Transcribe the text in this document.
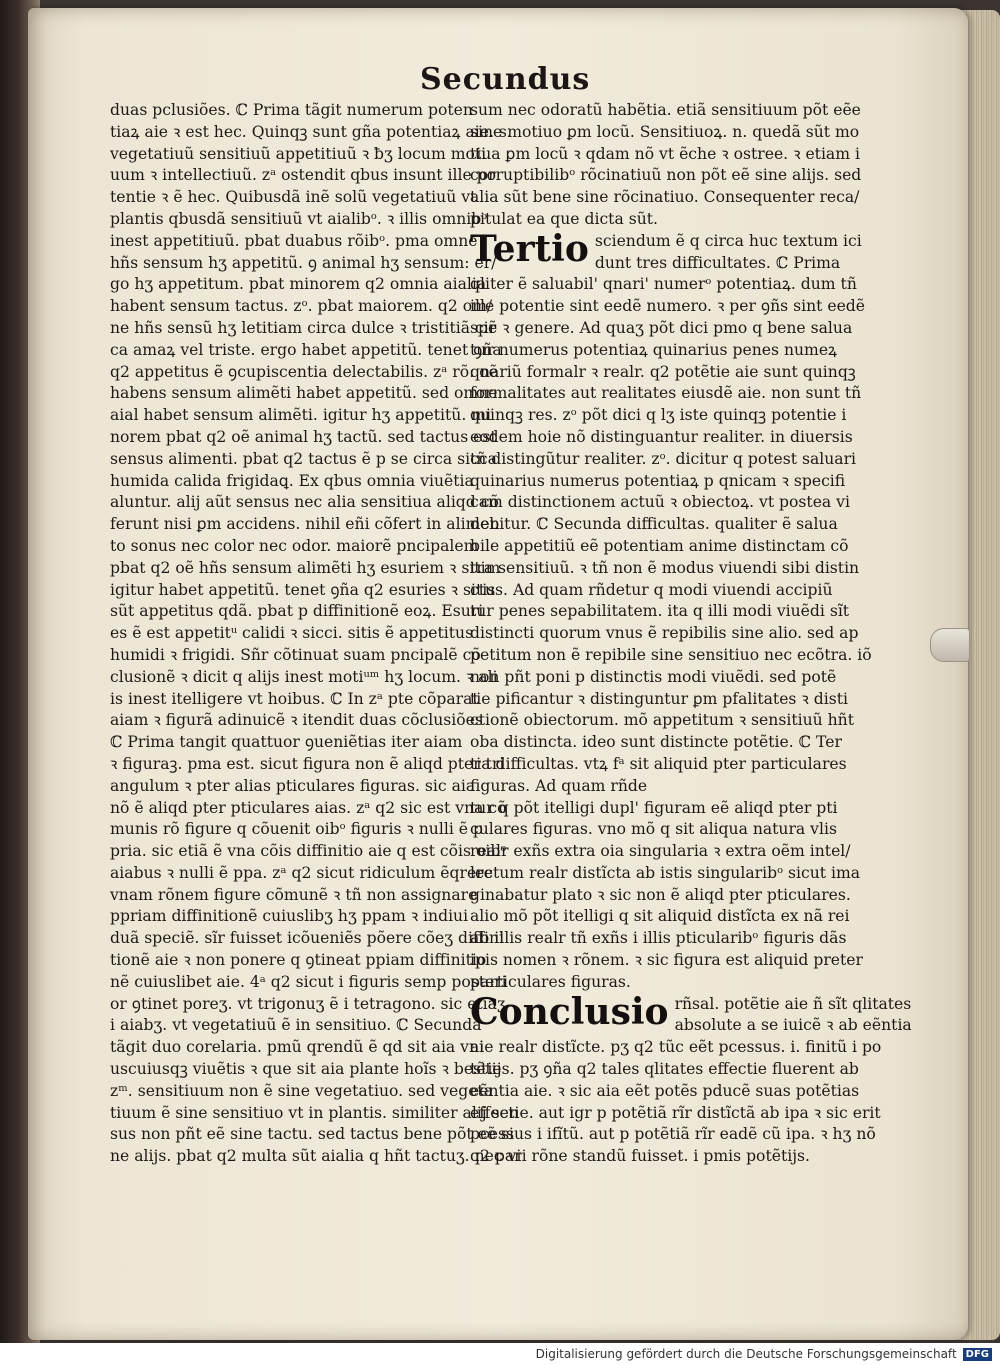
Secundus
duas pclusiões. ℂ Prima tãgit numerum poten
tiaꝝ aie ꝛ est hec. Quinqꝫ sunt gña potentiaꝝ aie. s.
vegetatiuũ sensitiuũ appetitiuũ ꝛ ƀʒ locum moti
uum ꝛ intellectiuũ. zᵃ ostendit qbus insunt ille po
tentie ꝛ ẽ hec. Quibusdã inẽ solũ vegetatiuũ vt
plantis qbusdã sensitiuũ vt aialibᵒ. ꝛ illis omnibᵒ
inest appetitiuũ. pbat duabus rõibᵒ. pma omne
hñs sensum hʒ appetitũ. ꝯ animal hʒ sensum: er/
go hʒ appetitum. pbat minorem q2 omnia aialia
habent sensum tactus. zᵒ. pbat maiorem. q2 om/
ne hñs sensũ hʒ letitiam circa dulce ꝛ tristitiã cir
ca amaꝝ vel triste. ergo habet appetitũ. tenet ꝯña
q2 appetitus ẽ ꝯcupiscentia delectabilis. zᵃ rõ: oẽ
habens sensum alimẽti habet appetitũ. sed omne
aial habet sensum alimẽti. igitur hʒ appetitũ. mi
norem pbat q2 oẽ animal hʒ tactũ. sed tactus est
sensus alimenti. pbat q2 tactus ẽ p se circa sicca
humida calida frigidaꝗ. Ex qbus omnia viuẽtia
aluntur. alij aũt sensus nec alia sensitiua aliqd cõ
ferunt nisi ꝑm accidens. nihil eñi cõfert in alimen
to sonus nec color nec odor. maiorẽ pncipalem
pbat q2 oẽ hñs sensum alimẽti hʒ esuriem ꝛ sitim
igitur habet appetitũ. tenet ꝯña q2 esuries ꝛ sitis
sũt appetitus qdã. pbat p diffinitionẽ eoꝝ. Esuri
es ẽ est appetitᵘ calidi ꝛ sicci. sitis ẽ appetitus
humidi ꝛ frigidi. Sñr cõtinuat suam pncipalẽ cõ
clusionẽ ꝛ dicit q alijs inest motiᵘᵐ hʒ locum. ꝛ ali
is inest itelligere vt hoibus. ℂ In zᵃ pte cõparat
aiam ꝛ figurã adinuicẽ ꝛ itendit duas cõclusiões
ℂ Prima tangit quattuor ꝯueniẽtias iter aiam
ꝛ figuraꝫ. pma est. sicut figura non ẽ aliqd pter tri
angulum ꝛ pter alias pticulares figuras. sic aia
nõ ẽ aliqd pter pticulares aias. zᵃ q2 sic est vna cõ
munis rõ figure q cõuenit oibᵒ figuris ꝛ nulli ẽ p
pria. sic etiã ẽ vna cõis diffinitio aie q est cõis oibᵒ
aiabus ꝛ nulli ẽ ppa. zᵃ q2 sicut ridiculum ẽqrere
vnam rõnem figure cõmunẽ ꝛ tñ non assignare
ppriam diffinitionẽ cuiuslibʒ hʒ ppam ꝛ indiui
duã speciẽ. sĩr fuisset icõueniẽs põere cõeʒ diffini
tionẽ aie ꝛ non ponere q ꝯtineat ppiam diffinitio
nẽ cuiuslibet aie. 4ᵃ q2 sicut i figuris semp posteri
or ꝯtinet poreʒ. vt trigonuʒ ẽ i tetragono. sic etiaʒ
i aiabʒ. vt vegetatiuũ ẽ in sensitiuo. ℂ Secunda
tãgit duo corelaria. pmũ qrendũ ẽ qd sit aia vni
uscuiusqꝫ viuẽtis ꝛ que sit aia plante hoĩs ꝛ bestie
zᵐ. sensitiuum non ẽ sine vegetatiuo. sed vegeta
tiuum ẽ sine sensitiuo vt in plantis. similiter alij sen
sus non pñt eẽ sine tactu. sed tactus bene põt eẽ si
ne alijs. pbat q2 multa sũt aialia q hñt tactuʒ. nec vi
sum nec odoratũ habẽtia. etiã sensitiuum põt eẽe
sine motiuo ꝑm locũ. Sensitiuoꝝ. n. quedã sũt mo
tiua ꝑm locũ ꝛ qdam nõ vt ẽche ꝛ ostree. ꝛ etiam i
corruptibilibᵒ rõcinatiuũ non põt eẽ sine alijs. sed
alia sũt bene sine rõcinatiuo. Consequenter reca/
pitulat ea que dicta sũt.
Tertio sciendum ẽ q circa huc textum ici
dunt tres difficultates. ℂ Prima
qliter ẽ saluabil' qnari' numerᵒ potentiaꝝ. dum tñ
ille potentie sint eedẽ numero. ꝛ per ꝯñs sint eedẽ
spẽ ꝛ genere. Ad quaʒ põt dici pmo q bene salua
tur numerus potentiaꝝ quinarius penes numeꝝ
qnariũ formalr ꝛ realr. q2 potẽtie aie sunt quinqꝫ
formalitates aut realitates eiusdẽ aie. non sunt tñ
quinqꝫ res. zᵒ põt dici q lʒ iste quinqꝫ potentie i
eodem hoie nõ distinguantur realiter. in diuersis
tñ distingũtur realiter. zᵒ. dicitur q potest saluari
quinarius numerus potentiaꝝ p qnicam ꝛ specifi
cam distinctionem actuũ ꝛ obiectoꝝ. vt postea vi
debitur. ℂ Secunda difficultas. qualiter ẽ salua
bile appetitiũ eẽ potentiam anime distinctam cõ
tra sensitiuũ. ꝛ tñ non ẽ modus viuendi sibi distin
ctus. Ad quam rñdetur q modi viuendi accipiũ
tur penes sepabilitatem. ita q illi modi viuẽdi sĩt
distincti quorum vnus ẽ repibilis sine alio. sed ap
petitum non ẽ repibile sine sensitiuo nec ecõtra. iõ
non pñt poni p distinctis modi viuẽdi. sed potẽ
tie pificantur ꝛ distinguntur ꝑm pfalitates ꝛ disti
ctionẽ obiectorum. mõ appetitum ꝛ sensitiuũ hñt
oba distincta. ideo sunt distincte potẽtie. ℂ Ter
tia difficultas. vtꝝ fᵃ sit aliquid pter particulares
figuras. Ad quam rñde
tur q põt itelligi dupl' figuram eẽ aliqd pter pti
culares figuras. vno mõ q sit aliqua natura vlis
realr exñs extra oia singularia ꝛ extra oẽm intel/
lectum realr distĩcta ab istis singularibᵒ sicut ima
ginabatur plato ꝛ sic non ẽ aliqd pter pticulares.
alio mõ põt itelligi q sit aliquid distĩcta ex nã rei
ab illis realr tñ exñs i illis pticularibᵒ figuris dãs
ipis nomen ꝛ rõnem. ꝛ sic figura est aliquid preter
particulares figuras.
Conclusio rñsal. potẽtie aie ñ sĩt qlitates
absolute a se iuicẽ ꝛ ab eẽntia
aie realr distĩcte. pʒ q2 tũc eẽt pcessus. i. finitũ i po
tẽtijs. pʒ ꝯña q2 tales qlitates effectie fluerent ab
eẽntia aie. ꝛ sic aia eẽt potẽs pducẽ suas potẽtias
effectie. aut igr p potẽtiã rĩr distĩctã ab ipa ꝛ sic erit
pcessus i ifĩtũ. aut p potẽtiã rĩr eadẽ cũ ipa. ꝛ hʒ nõ
q2 pari rõne standũ fuisset. i pmis potẽtijs.
Digitalisierung gefördert durch die Deutsche Forschungsgemeinschaft DFG
